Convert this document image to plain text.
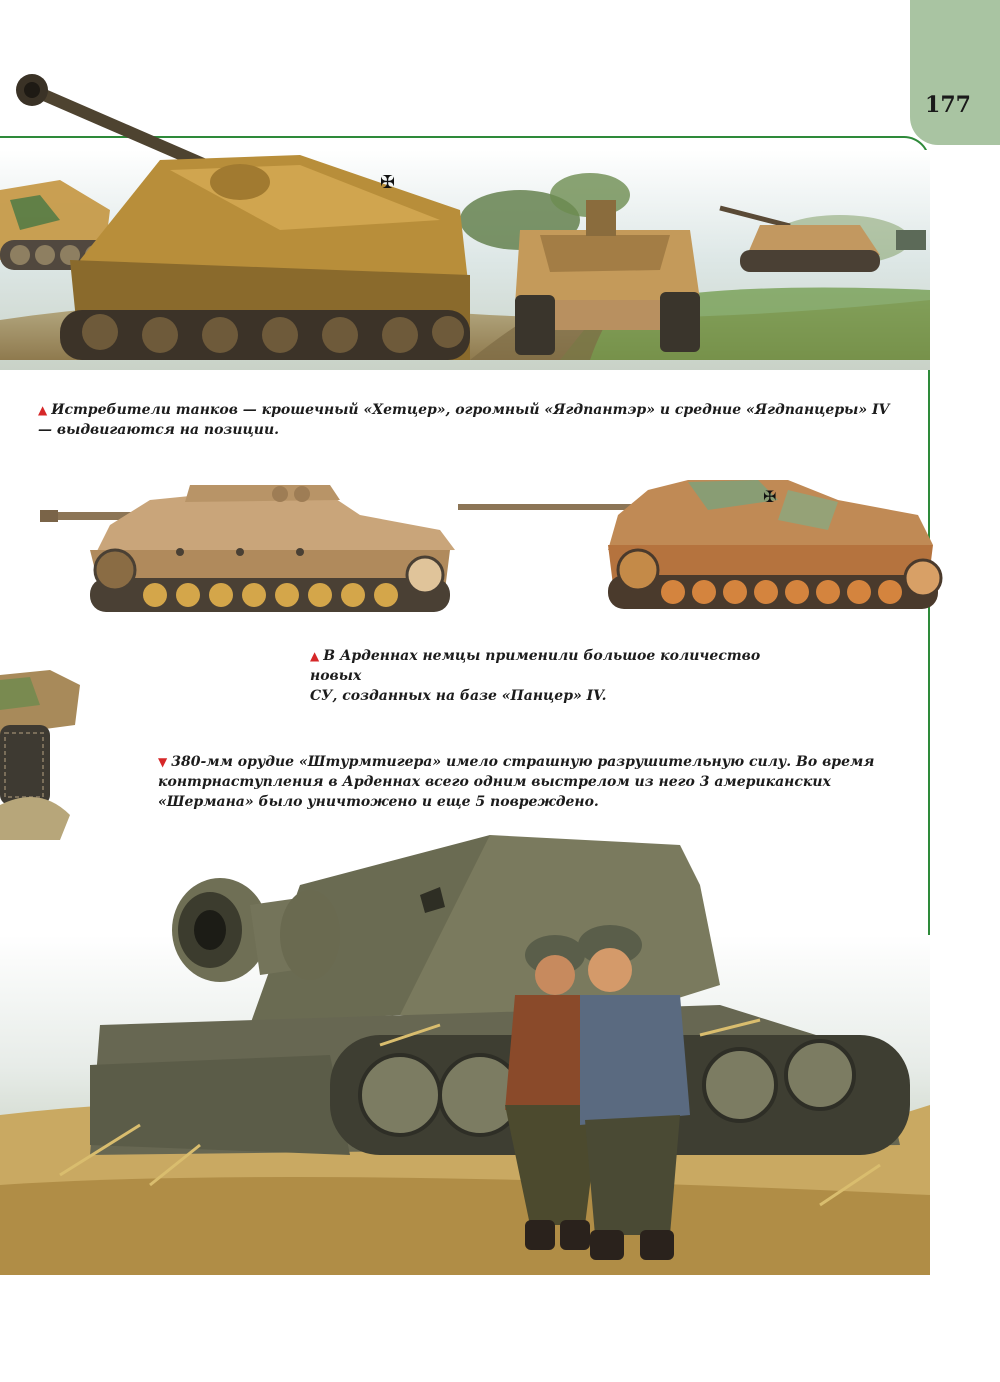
177
✠
▲ Истребители танков — крошечный «Хетцер», огромный «Ягдпантэр» и средние «Ягдпанцеры» IV — выдвигаются на позиции.
✠
▲ В Арденнах немцы применили большое количество новых
СУ, созданных на базе «Панцер» IV.
▼ 380-мм орудие «Штурмтигера» имело страшную разрушительную силу. Во время контрнаступления в Арденнах всего одним выстрелом из него 3 американских «Шермана» было уничтожено и еще 5 повреждено.
